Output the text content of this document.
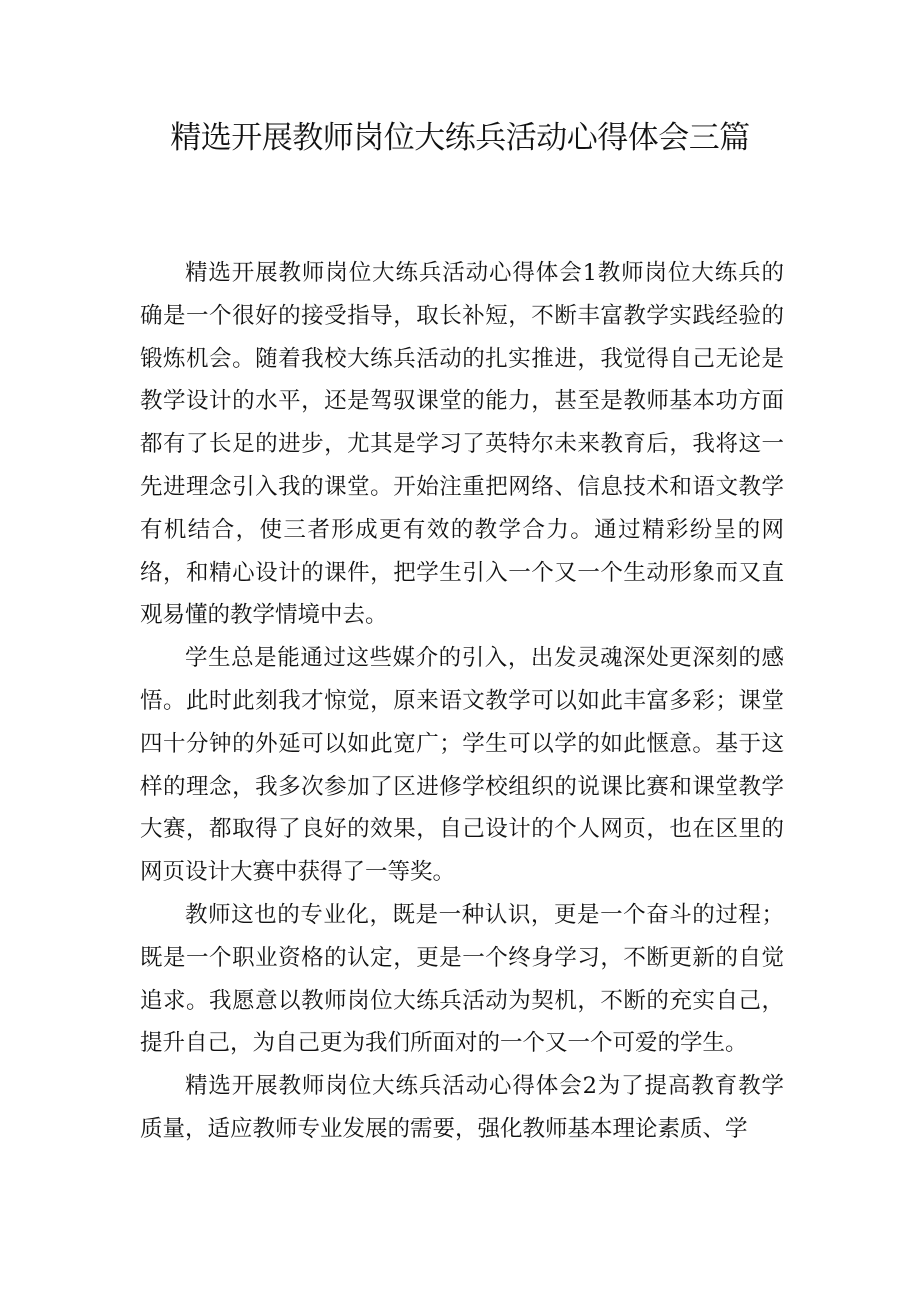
精选开展教师岗位大练兵活动心得体会三篇

精选开展教师岗位大练兵活动心得体会1教师岗位大练兵的确是一个很好的接受指导，取长补短，不断丰富教学实践经验的锻炼机会。随着我校大练兵活动的扎实推进，我觉得自己无论是教学设计的水平，还是驾驭课堂的能力，甚至是教师基本功方面都有了长足的进步，尤其是学习了英特尔未来教育后，我将这一先进理念引入我的课堂。开始注重把网络、信息技术和语文教学有机结合，使三者形成更有效的教学合力。通过精彩纷呈的网络，和精心设计的课件，把学生引入一个又一个生动形象而又直观易懂的教学情境中去。

学生总是能通过这些媒介的引入，出发灵魂深处更深刻的感悟。此时此刻我才惊觉，原来语文教学可以如此丰富多彩；课堂四十分钟的外延可以如此宽广；学生可以学的如此惬意。基于这样的理念，我多次参加了区进修学校组织的说课比赛和课堂教学大赛，都取得了良好的效果，自己设计的个人网页，也在区里的网页设计大赛中获得了一等奖。

教师这也的专业化，既是一种认识，更是一个奋斗的过程；既是一个职业资格的认定，更是一个终身学习，不断更新的自觉追求。我愿意以教师岗位大练兵活动为契机，不断的充实自己，提升自己，为自己更为我们所面对的一个又一个可爱的学生。

精选开展教师岗位大练兵活动心得体会2为了提高教育教学质量，适应教师专业发展的需要，强化教师基本理论素质、学
